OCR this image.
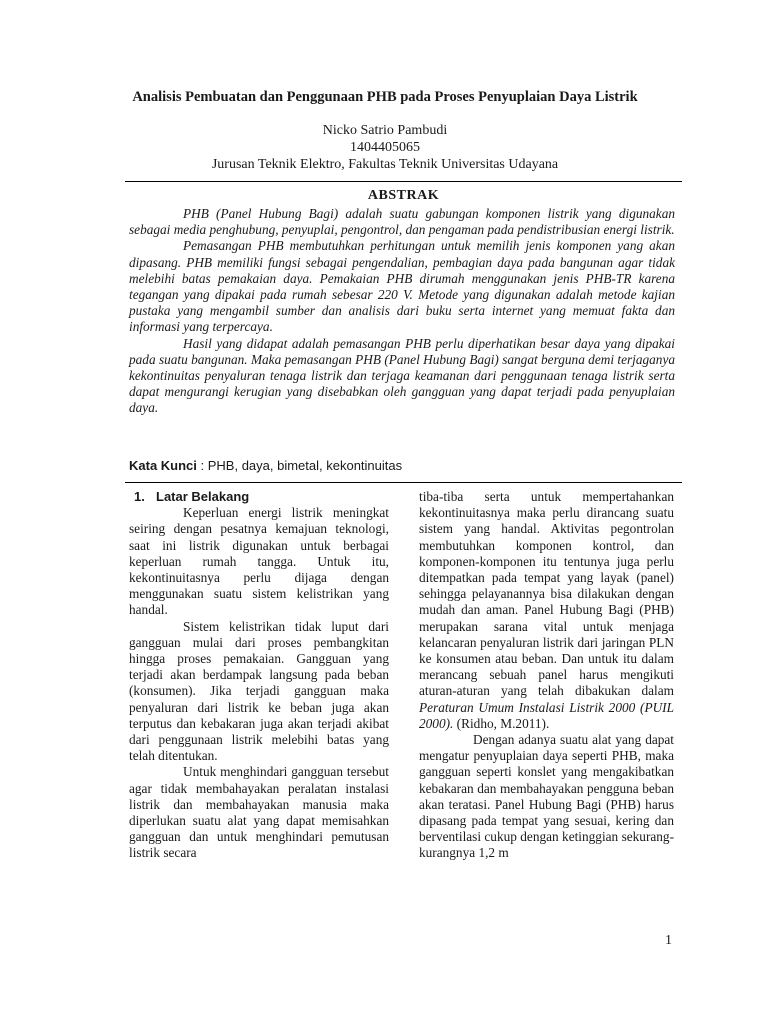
Analisis Pembuatan dan Penggunaan PHB pada Proses Penyuplaian Daya Listrik
Nicko Satrio Pambudi
1404405065
Jurusan Teknik Elektro, Fakultas Teknik Universitas Udayana
ABSTRAK

PHB (Panel Hubung Bagi) adalah suatu gabungan komponen listrik yang digunakan sebagai media penghubung, penyuplai, pengontrol, dan pengaman pada pendistribusian energi listrik.

Pemasangan PHB membutuhkan perhitungan untuk memilih jenis komponen yang akan dipasang. PHB memiliki fungsi sebagai pengendalian, pembagian daya pada bangunan agar tidak melebihi batas pemakaian daya. Pemakaian PHB dirumah menggunakan jenis PHB-TR karena tegangan yang dipakai pada rumah sebesar 220 V. Metode yang digunakan adalah metode kajian pustaka yang mengambil sumber dan analisis dari buku serta internet yang memuat fakta dan informasi yang terpercaya.

Hasil yang didapat adalah pemasangan PHB perlu diperhatikan besar daya yang dipakai pada suatu bangunan. Maka pemasangan PHB (Panel Hubung Bagi) sangat berguna demi terjaganya kekontinuitas penyaluran tenaga listrik dan terjaga keamanan dari penggunaan tenaga listrik serta dapat mengurangi kerugian yang disebabkan oleh gangguan yang dapat terjadi pada penyuplaian daya.

Kata Kunci : PHB, daya, bimetal, kekontinuitas

1. Latar Belakang

Keperluan energi listrik meningkat seiring dengan pesatnya kemajuan teknologi, saat ini listrik digunakan untuk berbagai keperluan rumah tangga. Untuk itu, kekontinuitasnya perlu dijaga dengan menggunakan suatu sistem kelistrikan yang handal.

Sistem kelistrikan tidak luput dari gangguan mulai dari proses pembangkitan hingga proses pemakaian. Gangguan yang terjadi akan berdampak langsung pada beban (konsumen). Jika terjadi gangguan maka penyaluran dari listrik ke beban juga akan terputus dan kebakaran juga akan terjadi akibat dari penggunaan listrik melebihi batas yang telah ditentukan.

Untuk menghindari gangguan tersebut agar tidak membahayakan peralatan instalasi listrik dan membahayakan manusia maka diperlukan suatu alat yang dapat memisahkan gangguan dan untuk menghindari pemutusan listrik secara

tiba-tiba serta untuk mempertahankan kekontinuitasnya maka perlu dirancang suatu sistem yang handal. Aktivitas pegontrolan membutuhkan komponen kontrol, dan komponen-komponen itu tentunya juga perlu ditempatkan pada tempat yang layak (panel) sehingga pelayanannya bisa dilakukan dengan mudah dan aman. Panel Hubung Bagi (PHB) merupakan sarana vital untuk menjaga kelancaran penyaluran listrik dari jaringan PLN ke konsumen atau beban. Dan untuk itu dalam merancang sebuah panel harus mengikuti aturan-aturan yang telah dibakukan dalam Peraturan Umum Instalasi Listrik 2000 (PUIL 2000). (Ridho, M.2011).

Dengan adanya suatu alat yang dapat mengatur penyuplaian daya seperti PHB, maka gangguan seperti konslet yang mengakibatkan kebakaran dan membahayakan pengguna beban akan teratasi. Panel Hubung Bagi (PHB) harus dipasang pada tempat yang sesuai, kering dan berventilasi cukup dengan ketinggian sekurang-kurangnya 1,2 m

1
